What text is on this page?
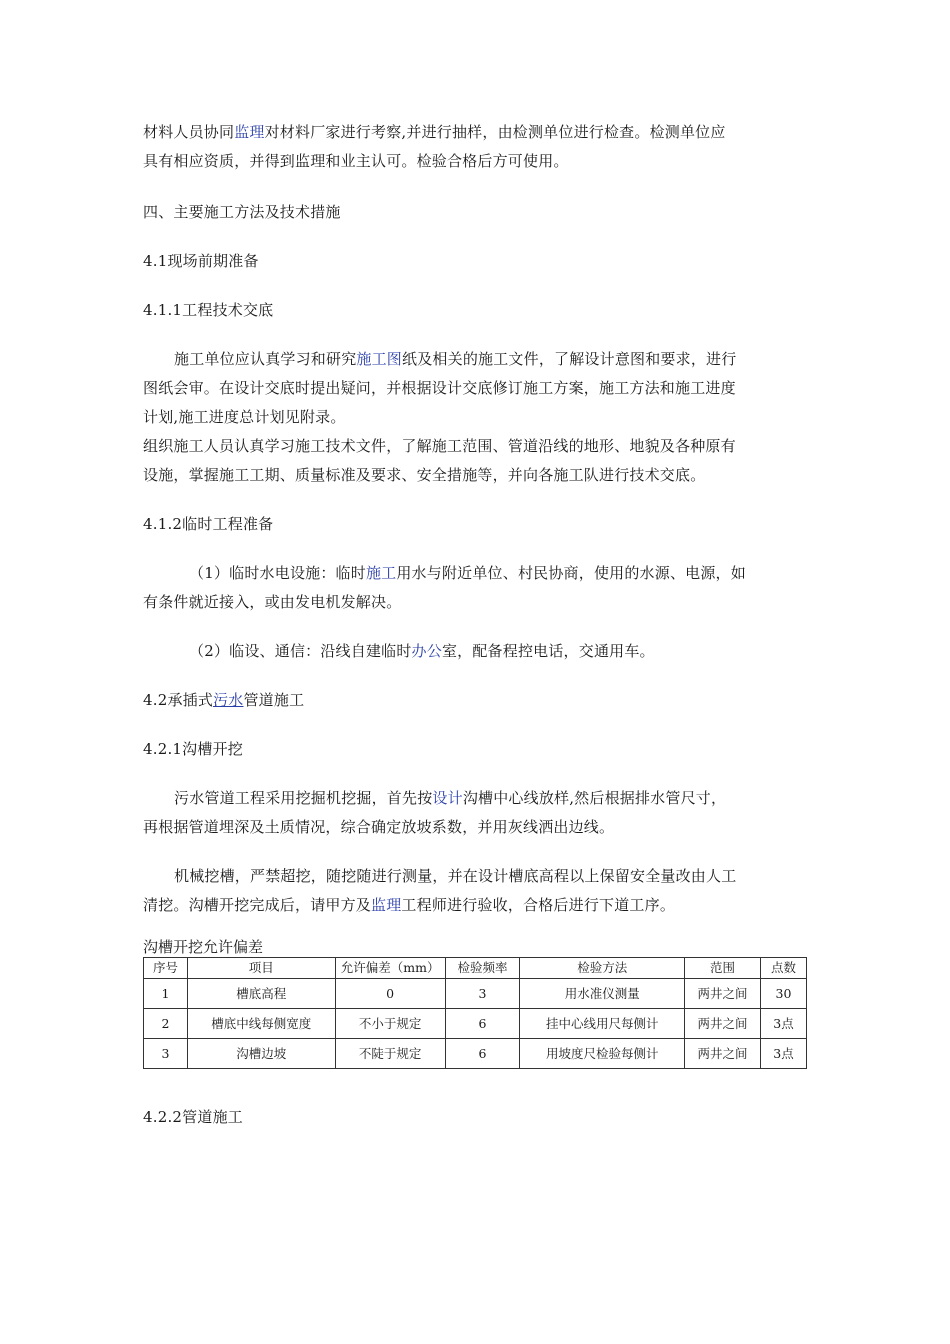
材料人员协同监理对材料厂家进行考察,并进行抽样，由检测单位进行检查。检测单位应
具有相应资质，并得到监理和业主认可。检验合格后方可使用。
四、主要施工方法及技术措施
4.1现场前期准备
4.1.1工程技术交底
施工单位应认真学习和研究施工图纸及相关的施工文件，了解设计意图和要求，进行
图纸会审。在设计交底时提出疑问，并根据设计交底修订施工方案，施工方法和施工进度
计划,施工进度总计划见附录。
组织施工人员认真学习施工技术文件，了解施工范围、管道沿线的地形、地貌及各种原有
设施，掌握施工工期、质量标准及要求、安全措施等，并向各施工队进行技术交底。
4.1.2临时工程准备
（1）临时水电设施：临时施工用水与附近单位、村民协商，使用的水源、电源，如
有条件就近接入，或由发电机发解决。
（2）临设、通信：沿线自建临时办公室，配备程控电话，交通用车。
4.2承插式污水管道施工
4.2.1沟槽开挖
污水管道工程采用挖掘机挖掘，首先按设计沟槽中心线放样,然后根据排水管尺寸，
再根据管道埋深及土质情况，综合确定放坡系数，并用灰线洒出边线。
机械挖槽，严禁超挖，随挖随进行测量，并在设计槽底高程以上保留安全量改由人工
清挖。沟槽开挖完成后，请甲方及监理工程师进行验收，合格后进行下道工序。
沟槽开挖允许偏差
序号	项目	允许偏差（mm）	检验频率	检验方法	范围	点数
1	槽底高程	0	3	用水准仪测量	两井之间	30
2	槽底中线每侧宽度	不小于规定	6	挂中心线用尺每侧计	两井之间	3点
3	沟槽边坡	不陡于规定	6	用坡度尺检验每侧计	两井之间	3点
4.2.2管道施工
